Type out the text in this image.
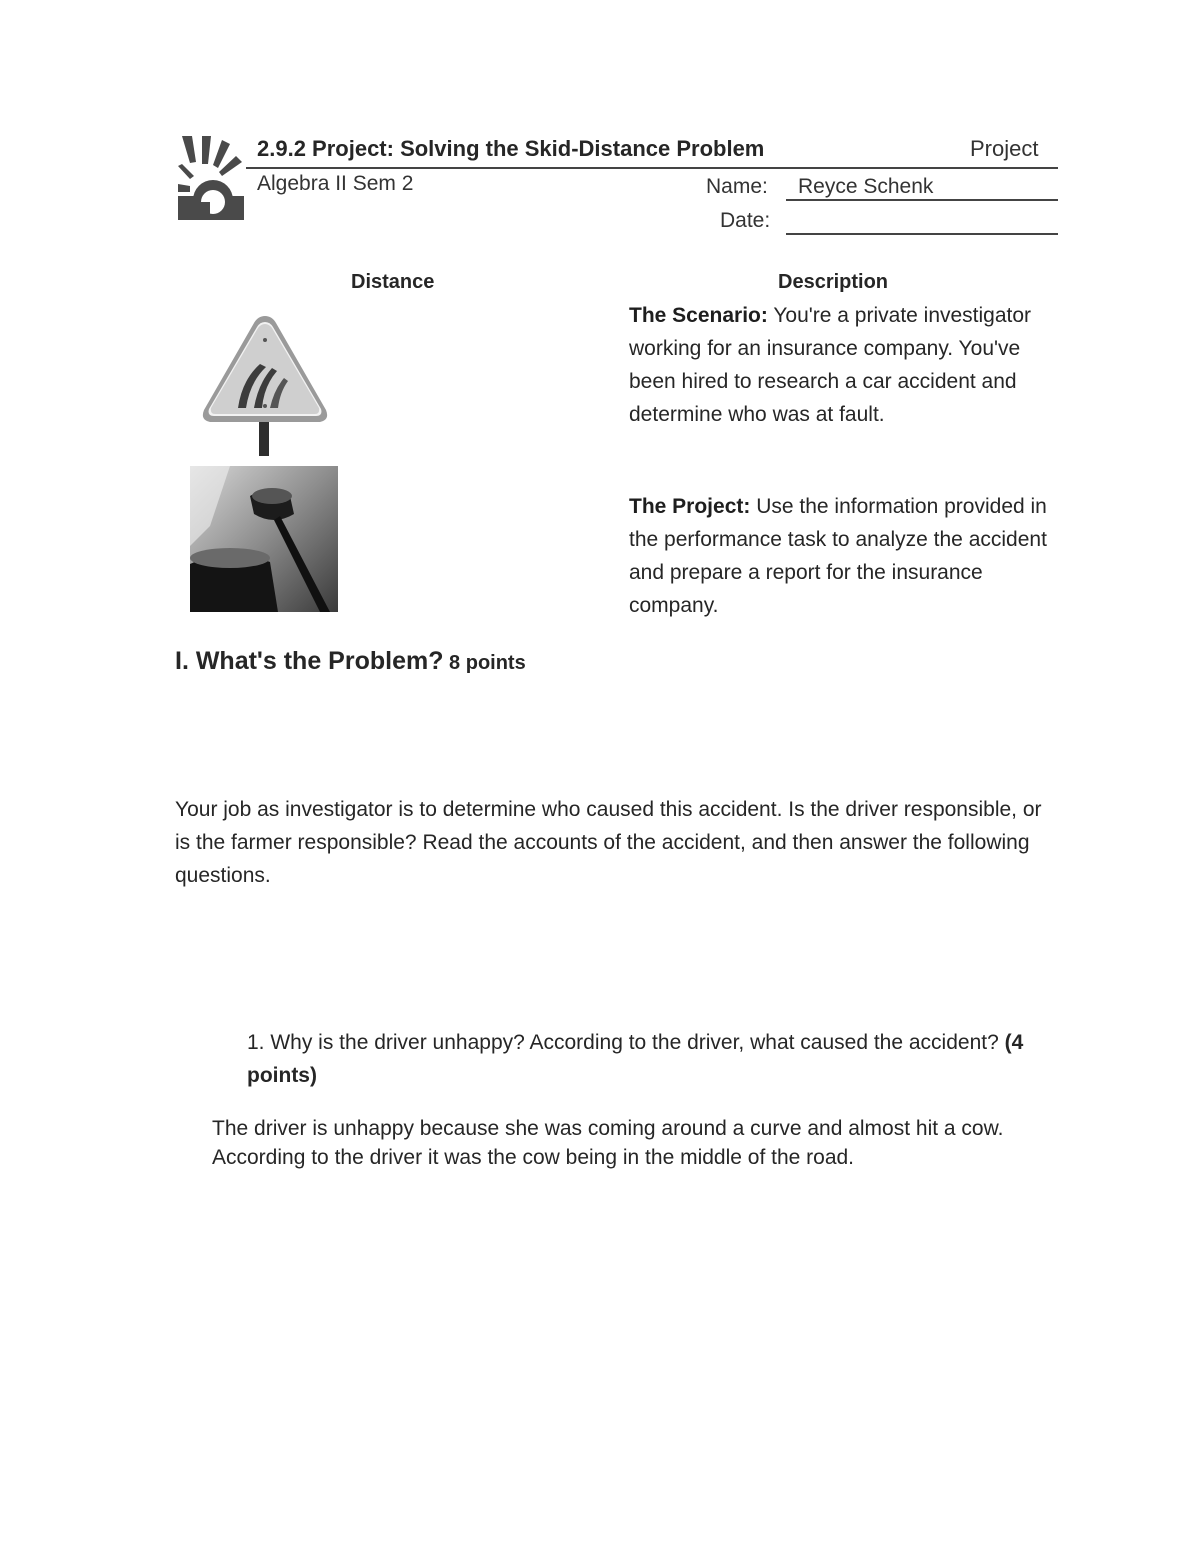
2.9.2 Project: Solving the Skid-Distance Problem	Project
Algebra II Sem 2	Name: Reyce Schenk
Date:
Distance	Description
The Scenario: You're a private investigator working for an insurance company. You've been hired to research a car accident and determine who was at fault.
The Project: Use the information provided in the performance task to analyze the accident and prepare a report for the insurance company.
I. What's the Problem? 8 points
Your job as investigator is to determine who caused this accident. Is the driver responsible, or is the farmer responsible? Read the accounts of the accident, and then answer the following questions.
1. Why is the driver unhappy? According to the driver, what caused the accident? (4 points)
The driver is unhappy because she was coming around a curve and almost hit a cow. According to the driver it was the cow being in the middle of the road.
